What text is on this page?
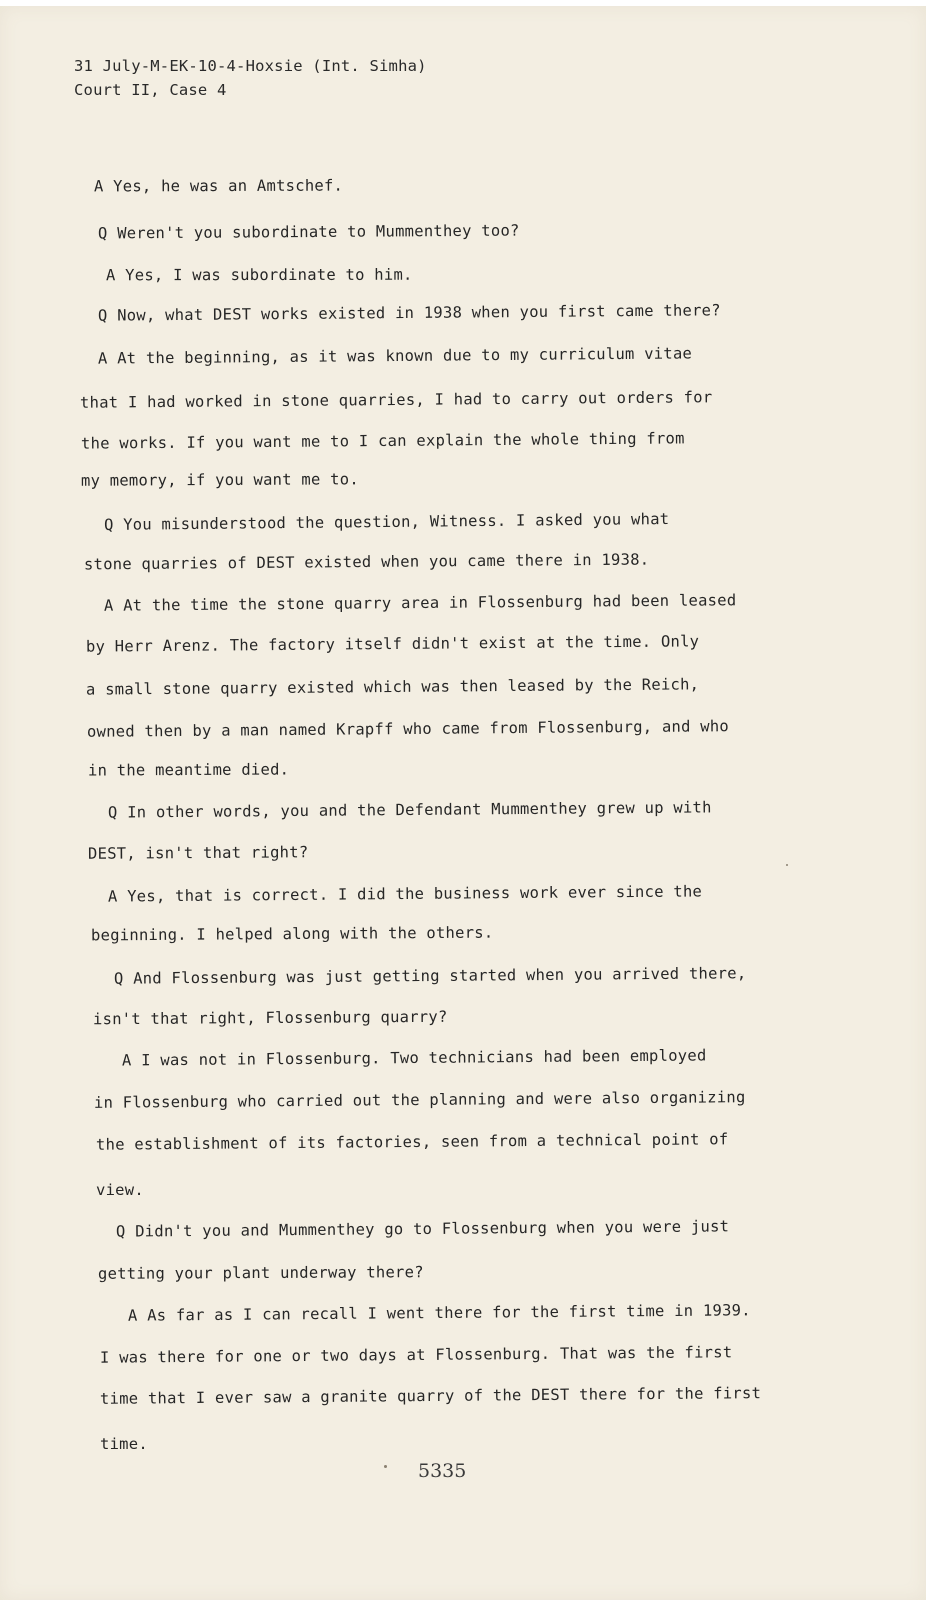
31 July-M-EK-10-4-Hoxsie (Int. Simha)
Court II, Case 4
A Yes, he was an Amtschef.
Q Weren't you subordinate to Mummenthey too?
A Yes, I was subordinate to him.
Q Now, what DEST works existed in 1938 when you first came there?
A At the beginning, as it was known due to my curriculum vitae
that I had worked in stone quarries, I had to carry out orders for
the works. If you want me to I can explain the whole thing from
my memory, if you want me to.
Q You misunderstood the question, Witness. I asked you what
stone quarries of DEST existed when you came there in 1938.
A At the time the stone quarry area in Flossenburg had been leased
by Herr Arenz. The factory itself didn't exist at the time. Only
a small stone quarry existed which was then leased by the Reich,
owned then by a man named Krapff who came from Flossenburg, and who
in the meantime died.
Q In other words, you and the Defendant Mummenthey grew up with
DEST, isn't that right?
A Yes, that is correct. I did the business work ever since the
beginning. I helped along with the others.
Q And Flossenburg was just getting started when you arrived there,
isn't that right, Flossenburg quarry?
A I was not in Flossenburg. Two technicians had been employed
in Flossenburg who carried out the planning and were also organizing
the establishment of its factories, seen from a technical point of
view.
Q Didn't you and Mummenthey go to Flossenburg when you were just
getting your plant underway there?
A As far as I can recall I went there for the first time in 1939.
I was there for one or two days at Flossenburg. That was the first
time that I ever saw a granite quarry of the DEST there for the first
time.
5335
